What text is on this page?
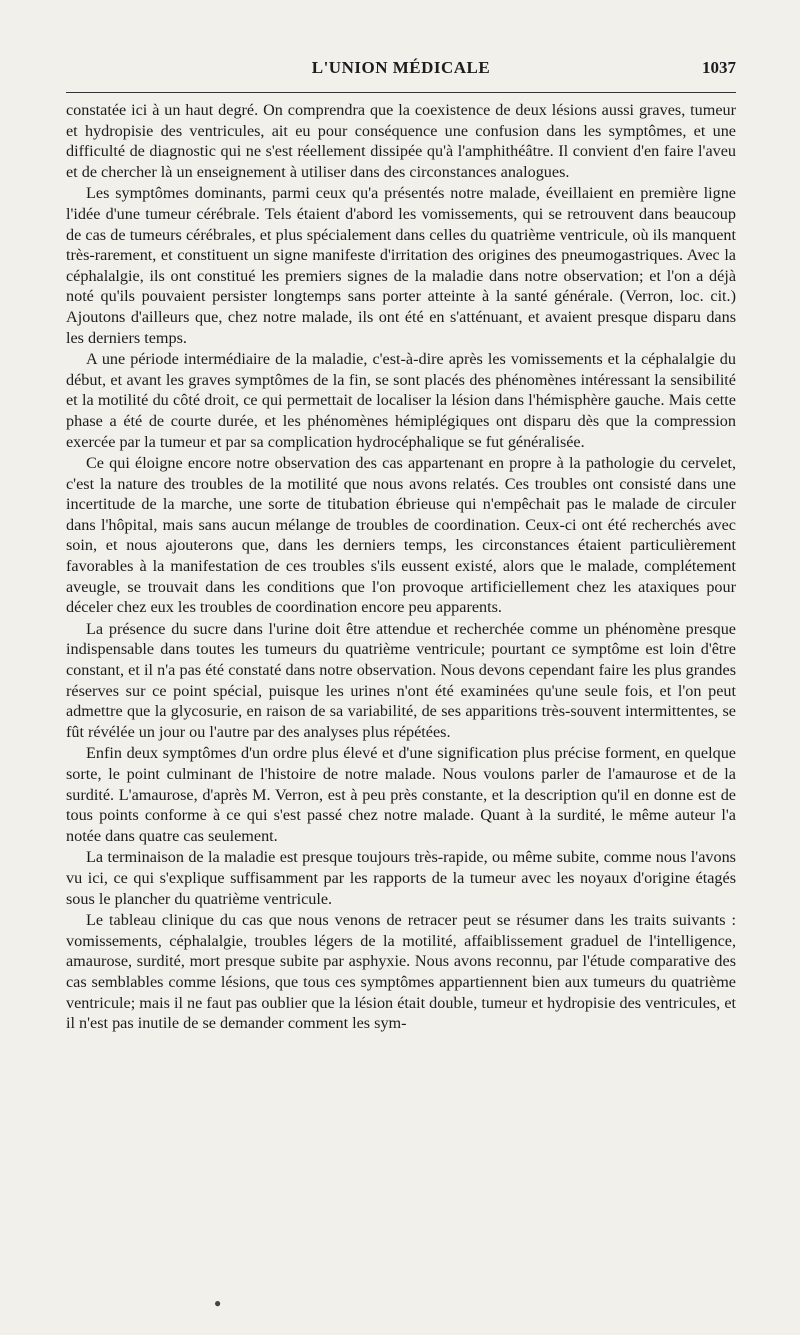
L'UNION MÉDICALE	1037

constatée ici à un haut degré. On comprendra que la coexistence de deux lésions aussi graves, tumeur et hydropisie des ventricules, ait eu pour conséquence une confusion dans les symptômes, et une difficulté de diagnostic qui ne s'est réellement dissipée qu'à l'amphithéâtre. Il convient d'en faire l'aveu et de chercher là un enseignement à utiliser dans des circonstances analogues.

Les symptômes dominants, parmi ceux qu'a présentés notre malade, éveillaient en première ligne l'idée d'une tumeur cérébrale. Tels étaient d'abord les vomissements, qui se retrouvent dans beaucoup de cas de tumeurs cérébrales, et plus spécialement dans celles du quatrième ventricule, où ils manquent très-rarement, et constituent un signe manifeste d'irritation des origines des pneumogastriques. Avec la céphalalgie, ils ont constitué les premiers signes de la maladie dans notre observation; et l'on a déjà noté qu'ils pouvaient persister longtemps sans porter atteinte à la santé générale. (Verron, loc. cit.) Ajoutons d'ailleurs que, chez notre malade, ils ont été en s'atténuant, et avaient presque disparu dans les derniers temps.

A une période intermédiaire de la maladie, c'est-à-dire après les vomissements et la céphalalgie du début, et avant les graves symptômes de la fin, se sont placés des phénomènes intéressant la sensibilité et la motilité du côté droit, ce qui permettait de localiser la lésion dans l'hémisphère gauche. Mais cette phase a été de courte durée, et les phénomènes hémiplégiques ont disparu dès que la compression exercée par la tumeur et par sa complication hydrocéphalique se fut généralisée.

Ce qui éloigne encore notre observation des cas appartenant en propre à la pathologie du cervelet, c'est la nature des troubles de la motilité que nous avons relatés. Ces troubles ont consisté dans une incertitude de la marche, une sorte de titubation ébrieuse qui n'empêchait pas le malade de circuler dans l'hôpital, mais sans aucun mélange de troubles de coordination. Ceux-ci ont été recherchés avec soin, et nous ajouterons que, dans les derniers temps, les circonstances étaient particulièrement favorables à la manifestation de ces troubles s'ils eussent existé, alors que le malade, complétement aveugle, se trouvait dans les conditions que l'on provoque artificiellement chez les ataxiques pour déceler chez eux les troubles de coordination encore peu apparents.

La présence du sucre dans l'urine doit être attendue et recherchée comme un phénomène presque indispensable dans toutes les tumeurs du quatrième ventricule; pourtant ce symptôme est loin d'être constant, et il n'a pas été constaté dans notre observation. Nous devons cependant faire les plus grandes réserves sur ce point spécial, puisque les urines n'ont été examinées qu'une seule fois, et l'on peut admettre que la glycosurie, en raison de sa variabilité, de ses apparitions très-souvent intermittentes, se fût révélée un jour ou l'autre par des analyses plus répétées.

Enfin deux symptômes d'un ordre plus élevé et d'une signification plus précise forment, en quelque sorte, le point culminant de l'histoire de notre malade. Nous voulons parler de l'amaurose et de la surdité. L'amaurose, d'après M. Verron, est à peu près constante, et la description qu'il en donne est de tous points conforme à ce qui s'est passé chez notre malade. Quant à la surdité, le même auteur l'a notée dans quatre cas seulement.

La terminaison de la maladie est presque toujours très-rapide, ou même subite, comme nous l'avons vu ici, ce qui s'explique suffisamment par les rapports de la tumeur avec les noyaux d'origine étagés sous le plancher du quatrième ventricule.

Le tableau clinique du cas que nous venons de retracer peut se résumer dans les traits suivants : vomissements, céphalalgie, troubles légers de la motilité, affaiblissement graduel de l'intelligence, amaurose, surdité, mort presque subite par asphyxie. Nous avons reconnu, par l'étude comparative des cas semblables comme lésions, que tous ces symptômes appartiennent bien aux tumeurs du quatrième ventricule; mais il ne faut pas oublier que la lésion était double, tumeur et hydropisie des ventricules, et il n'est pas inutile de se demander comment les sym-

●
